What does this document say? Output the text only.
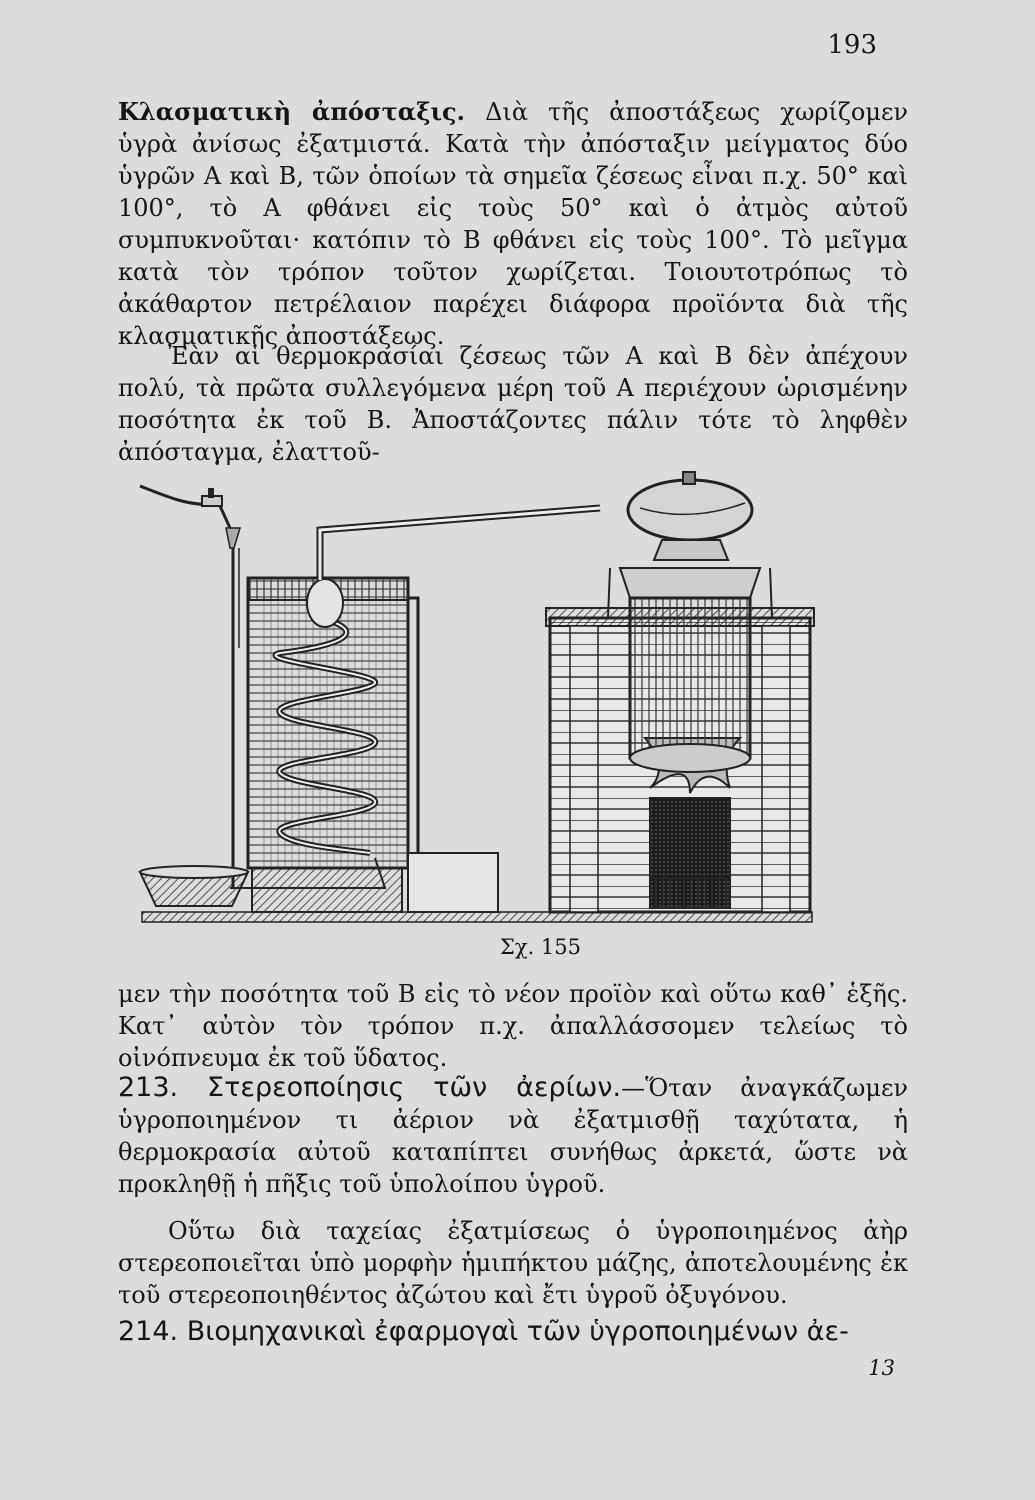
193

Κλασματικὴ ἀπόσταξις. Διὰ τῆς ἀποστάξεως χωρίζομεν ὑγρὰ ἀνίσως ἐξατμιστά. Κατὰ τὴν ἀπόσταξιν μείγματος δύο ὑγρῶν Α καὶ Β, τῶν ὁποίων τὰ σημεῖα ζέσεως εἶναι π.χ. 50° καὶ 100°, τὸ Α φθάνει εἰς τοὺς 50° καὶ ὁ ἀτμὸς αὐτοῦ συμπυκνοῦται· κατόπιν τὸ Β φθάνει εἰς τοὺς 100°. Τὸ μεῖγμα κατὰ τὸν τρόπον τοῦτον χωρίζεται. Τοιουτοτρόπως τὸ ἀκάθαρτον πετρέλαιον παρέχει διάφορα προϊόντα διὰ τῆς κλασματικῆς ἀποστάξεως.

Ἐὰν αἱ θερμοκρασίαι ζέσεως τῶν Α καὶ Β δὲν ἀπέχουν πολύ, τὰ πρῶτα συλλεγόμενα μέρη τοῦ Α περιέχουν ὡρισμένην ποσότητα ἐκ τοῦ Β. Ἀποστάζοντες πάλιν τότε τὸ ληφθὲν ἀπόσταγμα, ἐλαττοῦ-

Σχ. 155

μεν τὴν ποσότητα τοῦ Β εἰς τὸ νέον προϊὸν καὶ οὕτω καθ᾽ ἑξῆς. Κατ᾽ αὐτὸν τὸν τρόπον π.χ. ἀπαλλάσσομεν τελείως τὸ οἰνόπνευμα ἐκ τοῦ ὕδατος.

213. Στερεοποίησις τῶν ἀερίων.—Ὅταν ἀναγκάζωμεν ὑγροποιημένον τι ἀέριον νὰ ἐξατμισθῇ ταχύτατα, ἡ θερμοκρασία αὐτοῦ καταπίπτει συνήθως ἀρκετά, ὥστε νὰ προκληθῇ ἡ πῆξις τοῦ ὑπολοίπου ὑγροῦ.

Οὕτω διὰ ταχείας ἐξατμίσεως ὁ ὑγροποιημένος ἀὴρ στερεοποιεῖται ὑπὸ μορφὴν ἡμιπήκτου μάζης, ἀποτελουμένης ἐκ τοῦ στερεοποιηθέντος ἀζώτου καὶ ἔτι ὑγροῦ ὀξυγόνου.

214. Βιομηχανικαὶ ἐφαρμογαὶ τῶν ὑγροποιημένων ἀε-

13
